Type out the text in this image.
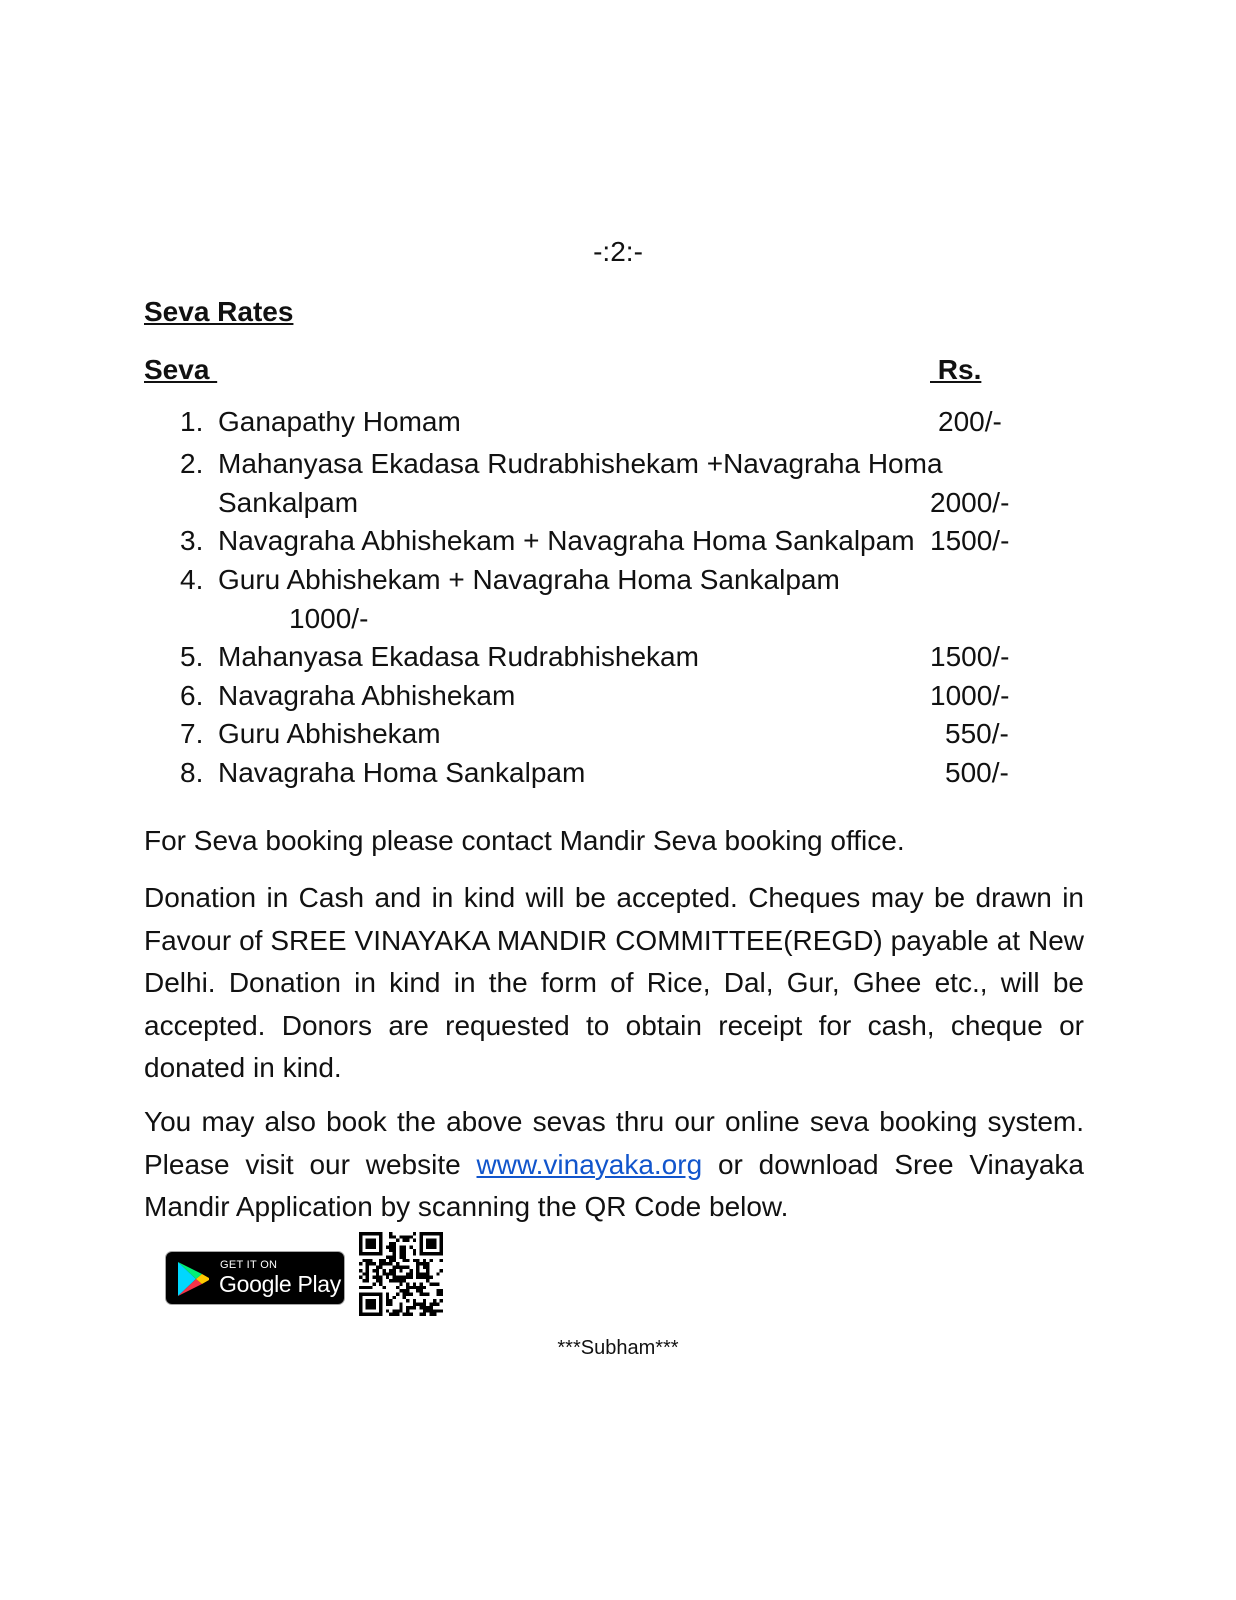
-:2:-
Seva Rates
Seva	Rs.
1. Ganapathy Homam	200/-
2. Mahanyasa Ekadasa Rudrabhishekam +Navagraha Homa
Sankalpam	2000/-
3. Navagraha Abhishekam + Navagraha Homa Sankalpam 1500/-
4. Guru Abhishekam + Navagraha Homa Sankalpam
1000/-
5. Mahanyasa Ekadasa Rudrabhishekam	1500/-
6. Navagraha Abhishekam	1000/-
7. Guru Abhishekam	550/-
8. Navagraha Homa Sankalpam	500/-
For Seva booking please contact Mandir Seva booking office.
Donation in Cash and in kind will be accepted. Cheques may be drawn in Favour of SREE VINAYAKA MANDIR COMMITTEE(REGD) payable at New Delhi. Donation in kind in the form of Rice, Dal, Gur, Ghee etc., will be accepted. Donors are requested to obtain receipt for cash, cheque or donated in kind.
You may also book the above sevas thru our online seva booking system. Please visit our website www.vinayaka.org or download Sree Vinayaka Mandir Application by scanning the QR Code below.
GET IT ON
Google Play
***Subham***
